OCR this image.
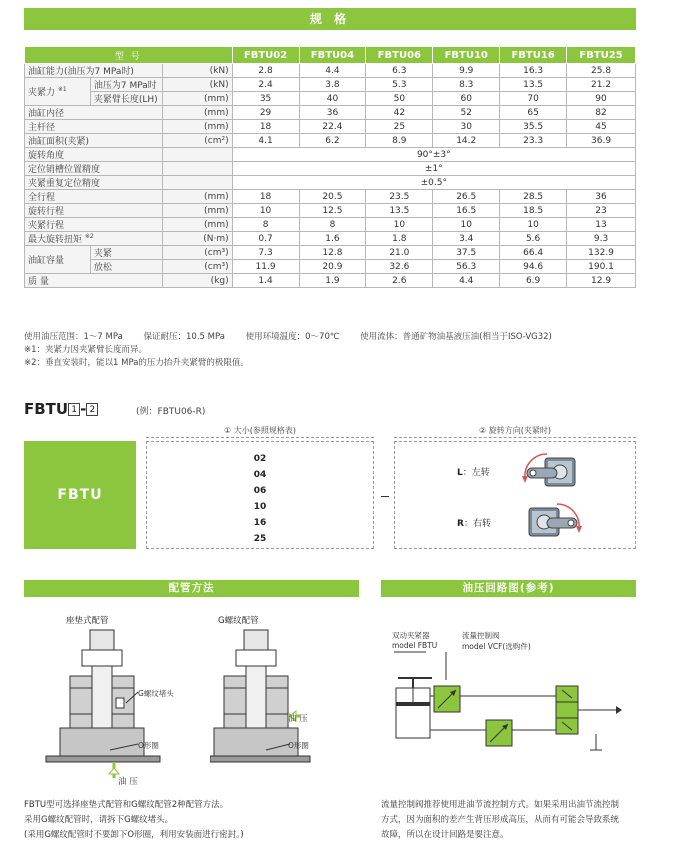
规 格
型 号			FBTU02	FBTU04	FBTU06	FBTU10	FBTU16	FBTU25
油缸能力(油压为7 MPa时)		(kN)	2.8	4.4	6.3	9.9	16.3	25.8
夹紧力 $^{※1}$	油压为7 MPa时	(kN)	2.4	3.8	5.3	8.3	13.5	21.2
	夹紧臂长度(LH)	(mm)	35	40	50	60	70	90
油缸内径		(mm)	29	36	42	52	65	82
主杆径		(mm)	18	22.4	25	30	35.5	45
油缸面积(夹紧)		(cm²)	4.1	6.2	8.9	14.2	23.3	36.9
旋转角度			90°±3°					
定位销槽位置精度			±1°					
夹紧重复定位精度			±0.5°					
全行程		(mm)	18	20.5	23.5	26.5	28.5	36
旋转行程		(mm)	10	12.5	13.5	16.5	18.5	23
夹紧行程		(mm)	8	8	10	10	10	13
最大旋转扭矩 $^{※2}$		(N·m)	0.7	1.6	1.8	3.4	5.6	9.3
油缸容量	夹紧	(cm³)	7.3	12.8	21.0	37.5	66.4	132.9
	放松	(cm³)	11.9	20.9	32.6	56.3	94.6	190.1
质 量		(kg)	1.4	1.9	2.6	4.4	6.9	12.9
使用油压范围：1～7 MPa 保证耐压：10.5 MPa 使用环境温度：0～70℃ 使用流体：普通矿物油基液压油(相当于ISO-VG32)
※1：夹紧力因夹紧臂长度而异。
※2：垂直安装时，能以1 MPa的压力抬升夹紧臂的极限值。
FBTU 1 - 2	(例：FBTU06-R)
① 大小(参照规格表)	② 旋转方向(夹紧时)
FBTU
02
04
06
10
16
25
L：左转
R：右转
配管方法	油压回路图(参考)
座垫式配管	G螺纹配管
G螺纹堵头
O形圈
油 压
油 压
O形圈
双动夹紧器
model FBTU
流量控制阀
model VCF(选购件)
FBTU型可选择座垫式配管和G螺纹配管2种配管方法。
采用G螺纹配管时，请拆下G螺纹堵头。
(采用G螺纹配管时不要卸下O形圈，利用安装面进行密封。)
流量控制阀推荐使用进油节流控制方式。如果采用出油节流控制
方式，因为面积的差产生背压形成高压，从而有可能会导致系统
故障，所以在设计回路是要注意。
